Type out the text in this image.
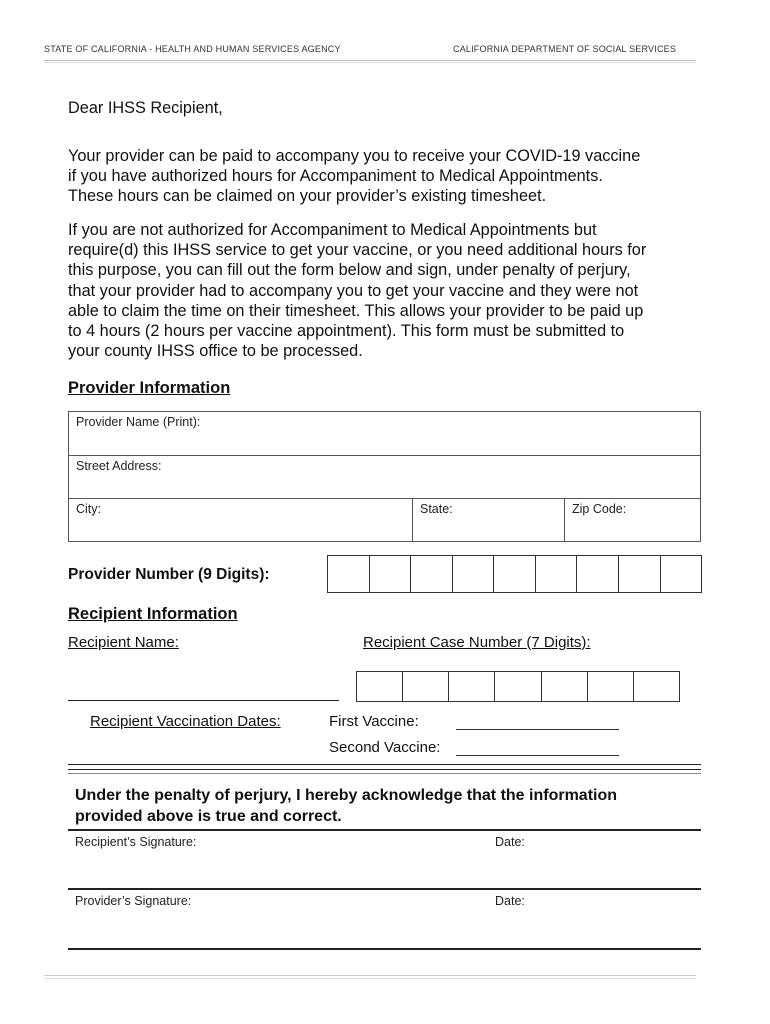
STATE OF CALIFORNIA - HEALTH AND HUMAN SERVICES AGENCY	CALIFORNIA DEPARTMENT OF SOCIAL SERVICES
Dear IHSS Recipient,
Your provider can be paid to accompany you to receive your COVID-19 vaccine
if you have authorized hours for Accompaniment to Medical Appointments.
These hours can be claimed on your provider’s existing timesheet.
If you are not authorized for Accompaniment to Medical Appointments but
require(d) this IHSS service to get your vaccine, or you need additional hours for
this purpose, you can fill out the form below and sign, under penalty of perjury,
that your provider had to accompany you to get your vaccine and they were not
able to claim the time on their timesheet. This allows your provider to be paid up
to 4 hours (2 hours per vaccine appointment). This form must be submitted to
your county IHSS office to be processed.
Provider Information
Provider Name (Print):
Street Address:
City:	State:	Zip Code:
Provider Number (9 Digits):
Recipient Information
Recipient Name:	Recipient Case Number (7 Digits):
Recipient Vaccination Dates:	First Vaccine:
Second Vaccine:
Under the penalty of perjury, I hereby acknowledge that the information
provided above is true and correct.
Recipient’s Signature:	Date:
Provider’s Signature:	Date:
